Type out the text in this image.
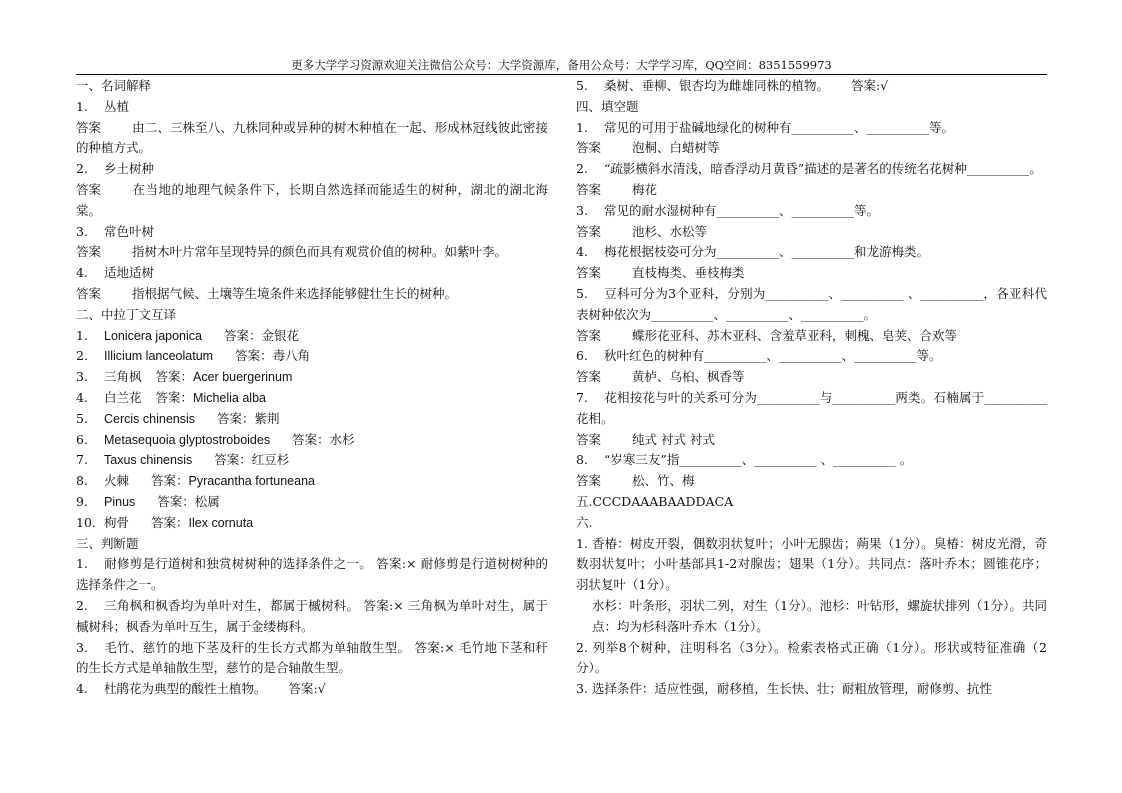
更多大学学习资源欢迎关注微信公众号：大学资源库，备用公众号：大学学习库，QQ空间：8351559973
一、名词解释
1. 丛植
答案 由二、三株至八、九株同种或异种的树木种植在一起、形成林冠线彼此密接的种植方式。
2. 乡土树种
答案 在当地的地理气候条件下，长期自然选择而能适生的树种，湖北的湖北海棠。
3. 常色叶树
答案 指树木叶片常年呈现特异的颜色而具有观赏价值的树种。如紫叶李。
4. 适地适树
答案 指根据气候、土壤等生境条件来选择能够健壮生长的树种。
二、中拉丁文互译
1. Lonicera japonica 答案：金银花
2. Illicium lanceolatum 答案：毒八角
3. 三角枫 答案：Acer buergerinum
4. 白兰花 答案：Michelia alba
5. Cercis chinensis 答案：紫荆
6. Metasequoia glyptostroboides 答案：水杉
7. Taxus chinensis 答案：红豆杉
8. 火棘 答案：Pyracantha fortuneana
9. Pinus 答案：松属
10. 枸骨 答案：Ilex cornuta
三、判断题
1. 耐修剪是行道树和独赏树树种的选择条件之一。 答案:× 耐修剪是行道树树种的选择条件之一。
2. 三角枫和枫香均为单叶对生，都属于槭树科。 答案:× 三角枫为单叶对生，属于槭树科；枫香为单叶互生，属于金缕梅科。
3. 毛竹、慈竹的地下茎及秆的生长方式都为单轴散生型。 答案:× 毛竹地下茎和秆的生长方式是单轴散生型，慈竹的是合轴散生型。
4. 杜鹃花为典型的酸性土植物。 答案:√
5. 桑树、垂柳、银杏均为雌雄同株的植物。 答案:√
四、填空题
1. 常见的可用于盐碱地绿化的树种有__________、__________等。
答案 泡桐、白蜡树等
2. “疏影横斜水清浅，暗香浮动月黄昏”描述的是著名的传统名花树种__________。
答案 梅花
3. 常见的耐水湿树种有__________、__________等。
答案 池杉、水松等
4. 梅花根据枝姿可分为__________、__________和龙游梅类。
答案 直枝梅类、垂枝梅类
5. 豆科可分为3个亚科，分别为__________、__________ 、__________，各亚科代表树种依次为__________、__________、__________。
答案 蝶形花亚科、苏木亚科、含羞草亚科，刺槐、皂荚、合欢等
6. 秋叶红色的树种有__________、__________、__________等。
答案 黄栌、乌桕、枫香等
7. 花相按花与叶的关系可分为__________与__________两类。石楠属于__________花相。
答案 纯式 衬式 衬式
8. “岁寒三友”指__________、__________ 、__________ 。
答案 松、竹、梅
五.CCCDAAABAADDACA
六.
1. 香椿：树皮开裂，偶数羽状复叶；小叶无腺齿；蒴果（1分）。臭椿：树皮光滑，奇数羽状复叶；小叶基部具1-2对腺齿；翅果（1分）。共同点：落叶乔木；圆锥花序；羽状复叶（1分）。
水杉：叶条形，羽状二列，对生（1分）。池杉：叶钻形，螺旋状排列（1分）。共同点：均为杉科落叶乔木（1分）。
2. 列举8个树种，注明科名（3分）。检索表格式正确（1分）。形状或特征准确（2分）。
3. 选择条件：适应性强，耐移植，生长快、壮；耐粗放管理，耐修剪、抗性
